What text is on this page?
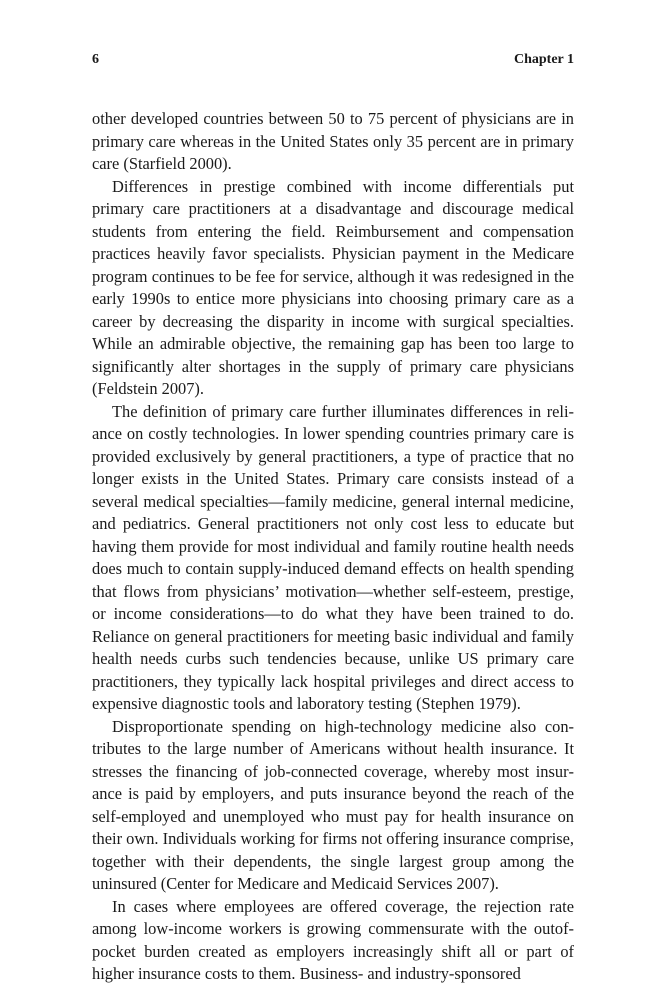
6	Chapter 1

other developed countries between 50 to 75 percent of physicians are in primary care whereas in the United States only 35 percent are in primary care (Starfield 2000).

Differences in prestige combined with income differentials put primary care practitioners at a disadvantage and discourage medical students from entering the field. Reimbursement and compensation practices heavily favor specialists. Physician payment in the Medicare program continues to be fee for service, although it was redesigned in the early 1990s to entice more physicians into choosing primary care as a career by decreasing the disparity in income with surgical specialties. While an admirable objective, the remaining gap has been too large to significantly alter shortages in the supply of primary care physicians (Feldstein 2007).

The definition of primary care further illuminates differences in reliance on costly technologies. In lower spending countries primary care is provided exclusively by general practitioners, a type of practice that no longer exists in the United States. Primary care consists instead of a several medical specialties—family medicine, general internal medicine, and pediatrics. General practitioners not only cost less to educate but having them provide for most individual and family routine health needs does much to contain supply-induced demand effects on health spending that flows from physicians’ motivation—whether self-esteem, prestige, or income considerations—to do what they have been trained to do. Reliance on general practitioners for meeting basic individual and family health needs curbs such tendencies because, unlike US primary care practitioners, they typically lack hospital privileges and direct access to expensive diagnostic tools and laboratory testing (Stephen 1979).

Disproportionate spending on high-technology medicine also contributes to the large number of Americans without health insurance. It stresses the financing of job-connected coverage, whereby most insurance is paid by employers, and puts insurance beyond the reach of the self-employed and unemployed who must pay for health insurance on their own. Individuals working for firms not offering insurance comprise, together with their dependents, the single largest group among the uninsured (Center for Medicare and Medicaid Services 2007).

In cases where employees are offered coverage, the rejection rate among low-income workers is growing commensurate with the outof-pocket burden created as employers increasingly shift all or part of higher insurance costs to them. Business- and industry-sponsored
